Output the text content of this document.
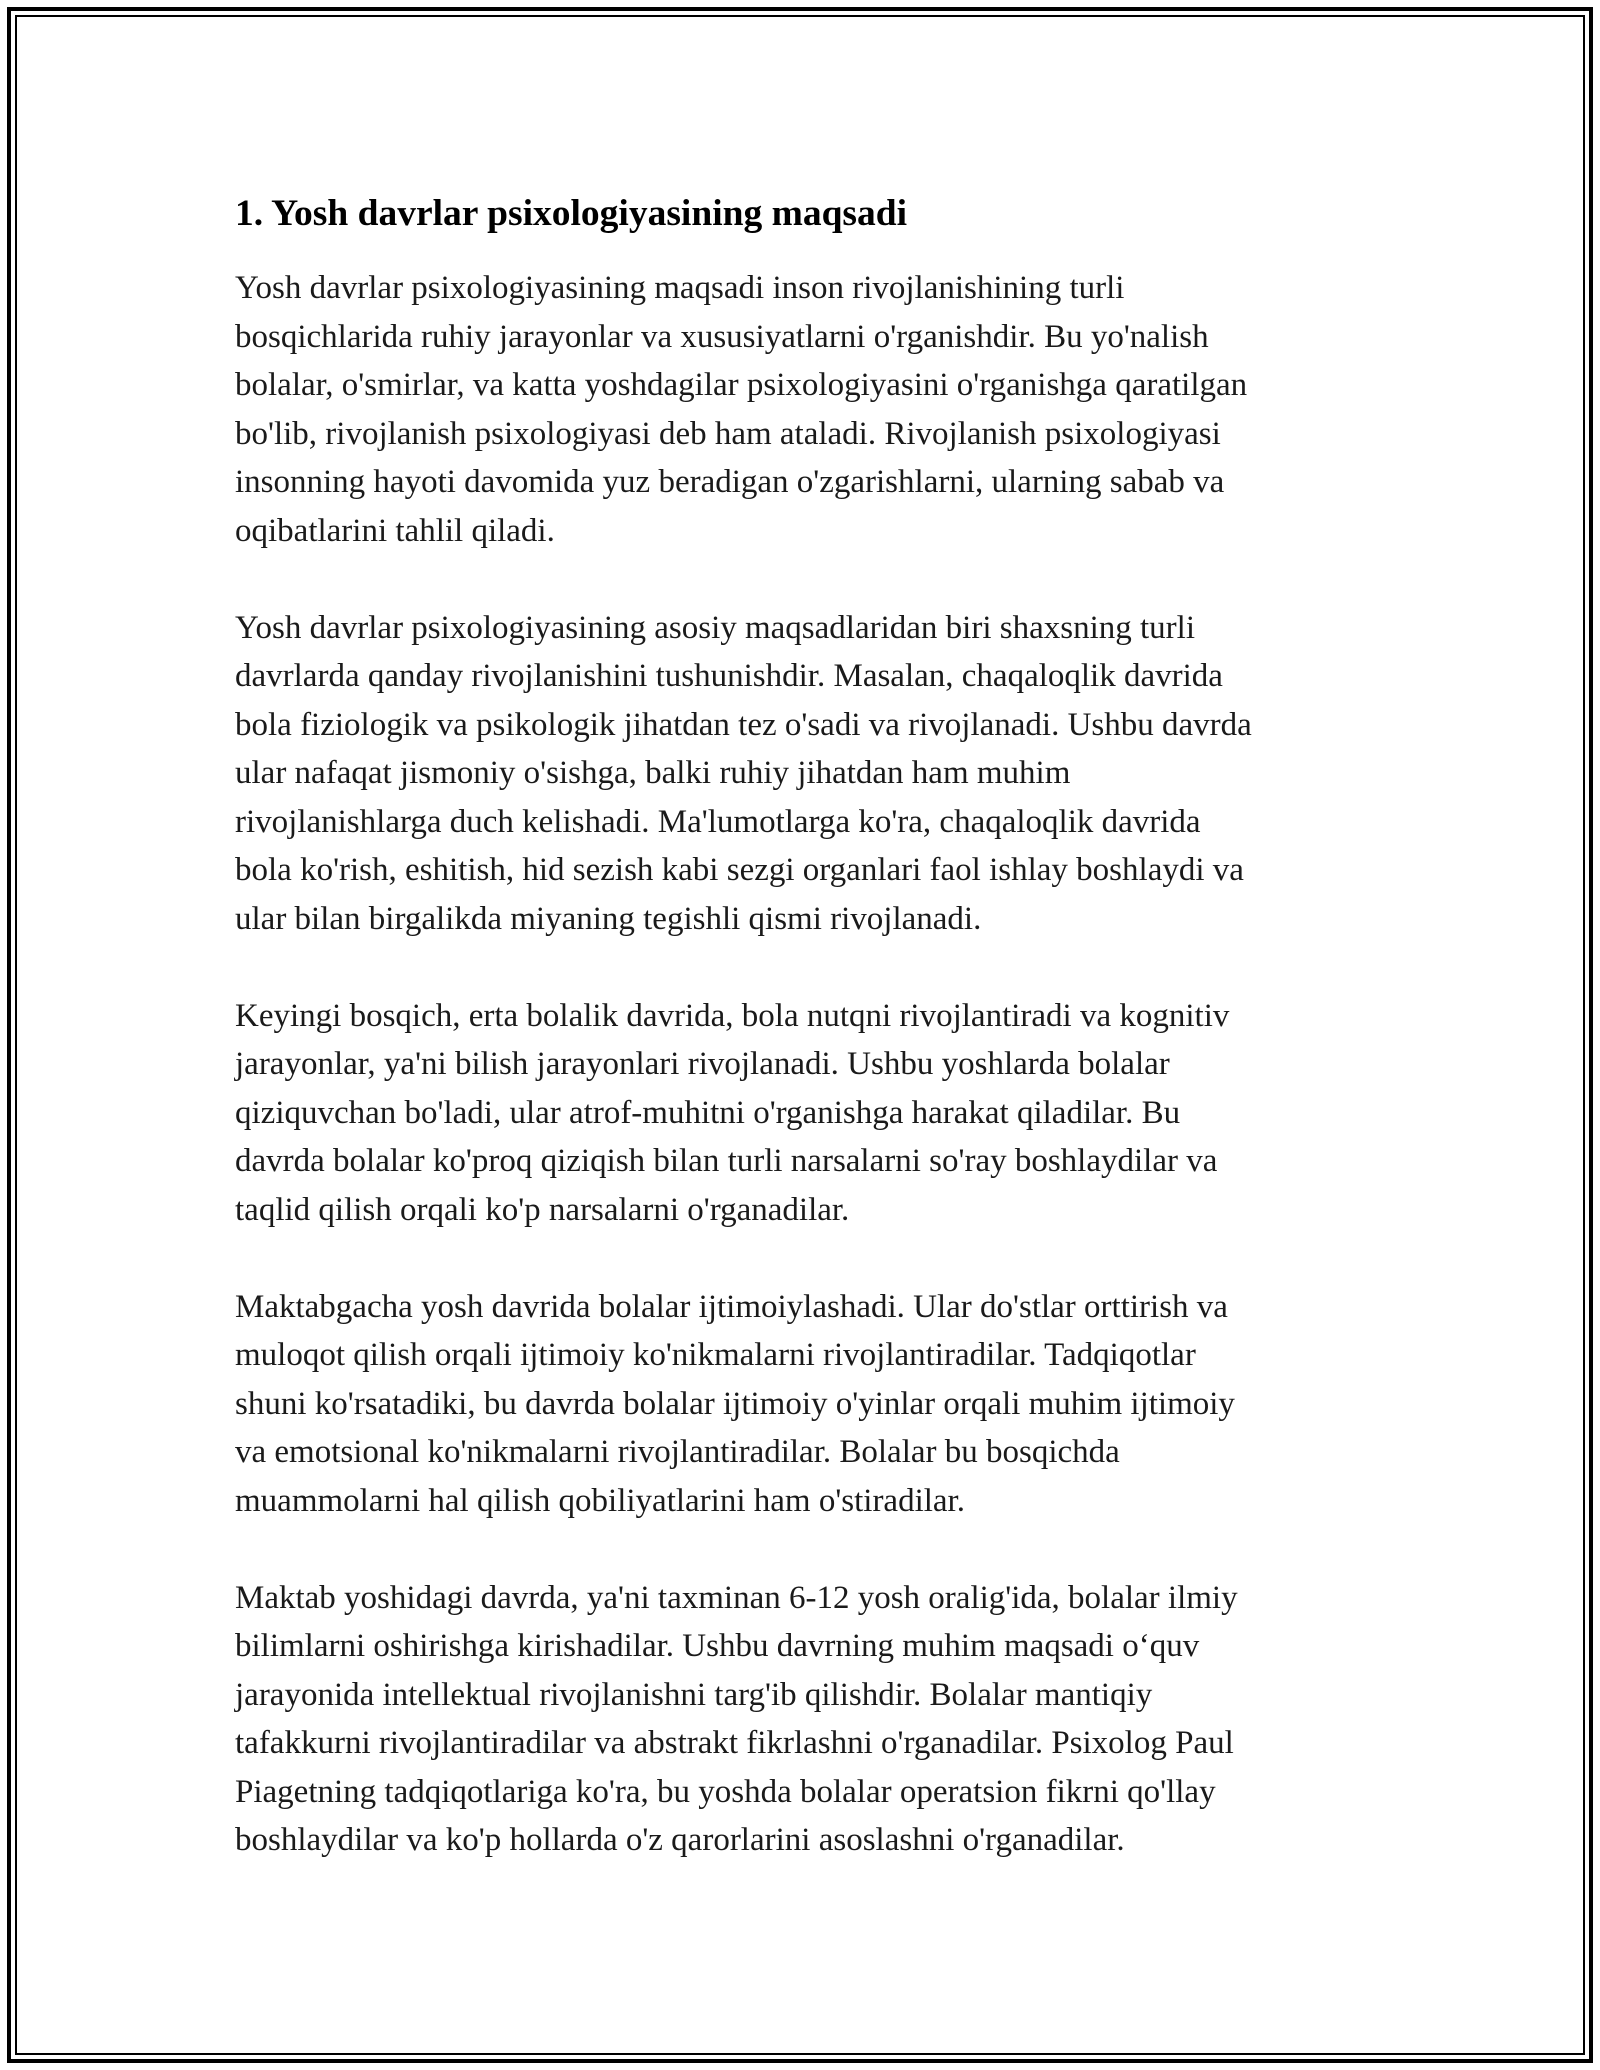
1. Yosh davrlar psixologiyasining maqsadi

Yosh davrlar psixologiyasining maqsadi inson rivojlanishining turli
bosqichlarida ruhiy jarayonlar va xususiyatlarni o'rganishdir. Bu yo'nalish
bolalar, o'smirlar, va katta yoshdagilar psixologiyasini o'rganishga qaratilgan
bo'lib, rivojlanish psixologiyasi deb ham ataladi. Rivojlanish psixologiyasi
insonning hayoti davomida yuz beradigan o'zgarishlarni, ularning sabab va
oqibatlarini tahlil qiladi.

Yosh davrlar psixologiyasining asosiy maqsadlaridan biri shaxsning turli
davrlarda qanday rivojlanishini tushunishdir. Masalan, chaqaloqlik davrida
bola fiziologik va psikologik jihatdan tez o'sadi va rivojlanadi. Ushbu davrda
ular nafaqat jismoniy o'sishga, balki ruhiy jihatdan ham muhim
rivojlanishlarga duch kelishadi. Ma'lumotlarga ko'ra, chaqaloqlik davrida
bola ko'rish, eshitish, hid sezish kabi sezgi organlari faol ishlay boshlaydi va
ular bilan birgalikda miyaning tegishli qismi rivojlanadi.

Keyingi bosqich, erta bolalik davrida, bola nutqni rivojlantiradi va kognitiv
jarayonlar, ya'ni bilish jarayonlari rivojlanadi. Ushbu yoshlarda bolalar
qiziquvchan bo'ladi, ular atrof-muhitni o'rganishga harakat qiladilar. Bu
davrda bolalar ko'proq qiziqish bilan turli narsalarni so'ray boshlaydilar va
taqlid qilish orqali ko'p narsalarni o'rganadilar.

Maktabgacha yosh davrida bolalar ijtimoiylashadi. Ular do'stlar orttirish va
muloqot qilish orqali ijtimoiy ko'nikmalarni rivojlantiradilar. Tadqiqotlar
shuni ko'rsatadiki, bu davrda bolalar ijtimoiy o'yinlar orqali muhim ijtimoiy
va emotsional ko'nikmalarni rivojlantiradilar. Bolalar bu bosqichda
muammolarni hal qilish qobiliyatlarini ham o'stiradilar.

Maktab yoshidagi davrda, ya'ni taxminan 6-12 yosh oralig'ida, bolalar ilmiy
bilimlarni oshirishga kirishadilar. Ushbu davrning muhim maqsadi o‘quv
jarayonida intellektual rivojlanishni targ'ib qilishdir. Bolalar mantiqiy
tafakkurni rivojlantiradilar va abstrakt fikrlashni o'rganadilar. Psixolog Paul
Piagetning tadqiqotlariga ko'ra, bu yoshda bolalar operatsion fikrni qo'llay
boshlaydilar va ko'p hollarda o'z qarorlarini asoslashni o'rganadilar.
